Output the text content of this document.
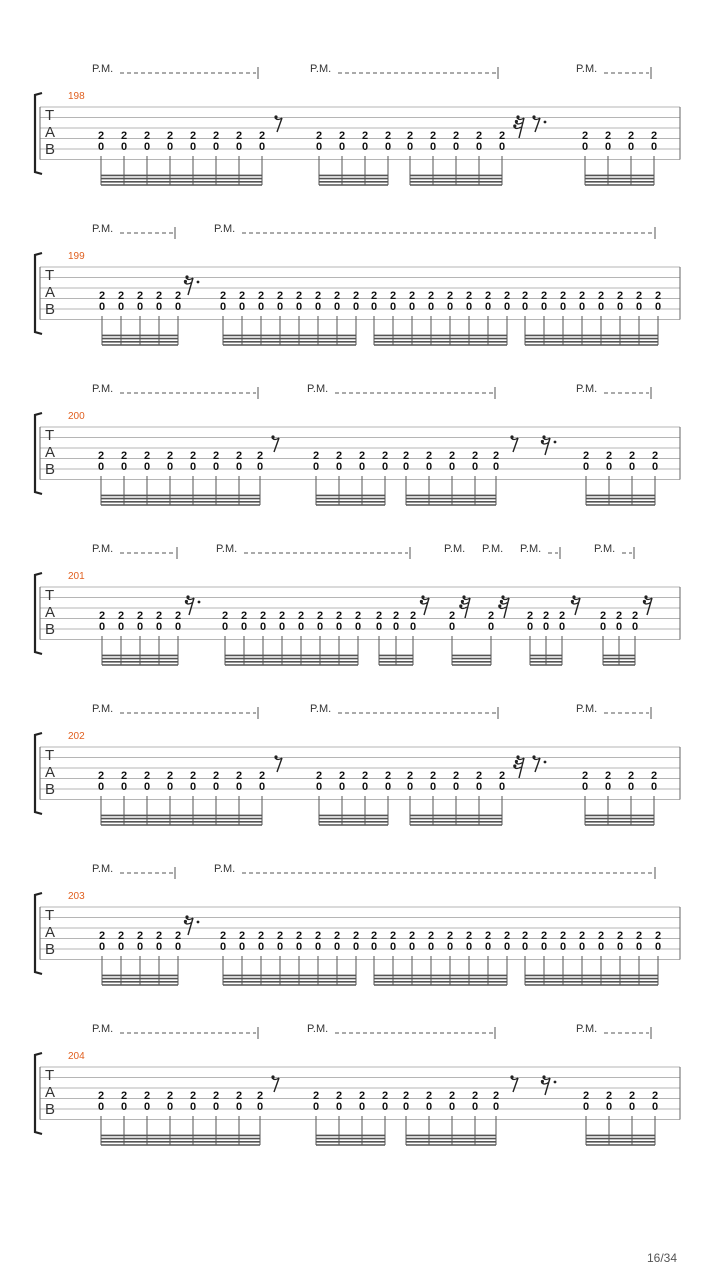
198
P.M.	P.M.	P.M.
T
A
B
2
0
2
0
2
0
2
0
2
0
2
0
2
0
2
0
2
0
2
0
2
0
2
0
2
0
2
0
2
0
2
0
2
0
2
0
2
0
2
0
2
0
199
P.M.	P.M.
T
A
B
2
0
2
0
2
0
2
0
2
0
2
0
2
0
2
0
2
0
2
0
2
0
2
0
2
0
2
0
2
0
2
0
2
0
2
0
2
0
2
0
2
0
2
0
2
0
2
0
2
0
2
0
2
0
2
0
2
0
200
P.M.	P.M.	P.M.
T
A
B
2
0
2
0
2
0
2
0
2
0
2
0
2
0
2
0
2
0
2
0
2
0
2
0
2
0
2
0
2
0
2
0
2
0
2
0
2
0
2
0
2
0
201
P.M.	P.M.	P.M.	P.M.
P.M. P.M.
T
A
B
2
0
2
0
2
0
2
0
2
0
2
0
2
0
2
0
2
0
2
0
2
0
2
0
2
0
2
0
2
0
2
0
2
0
2
0
2
0
2
0
2
0
2
0
2
0
2
0
202
P.M.	P.M.	P.M.
T
A
B
2
0
2
0
2
0
2
0
2
0
2
0
2
0
2
0
2
0
2
0
2
0
2
0
2
0
2
0
2
0
2
0
2
0
2
0
2
0
2
0
2
0
203
P.M.	P.M.
T
A
B
2
0
2
0
2
0
2
0
2
0
2
0
2
0
2
0
2
0
2
0
2
0
2
0
2
0
2
0
2
0
2
0
2
0
2
0
2
0
2
0
2
0
2
0
2
0
2
0
2
0
2
0
2
0
2
0
2
0
204
P.M.	P.M.	P.M.
T
A
B
2
0
2
0
2
0
2
0
2
0
2
0
2
0
2
0
2
0
2
0
2
0
2
0
2
0
2
0
2
0
2
0
2
0
2
0
2
0
2
0
2
0
16/34
